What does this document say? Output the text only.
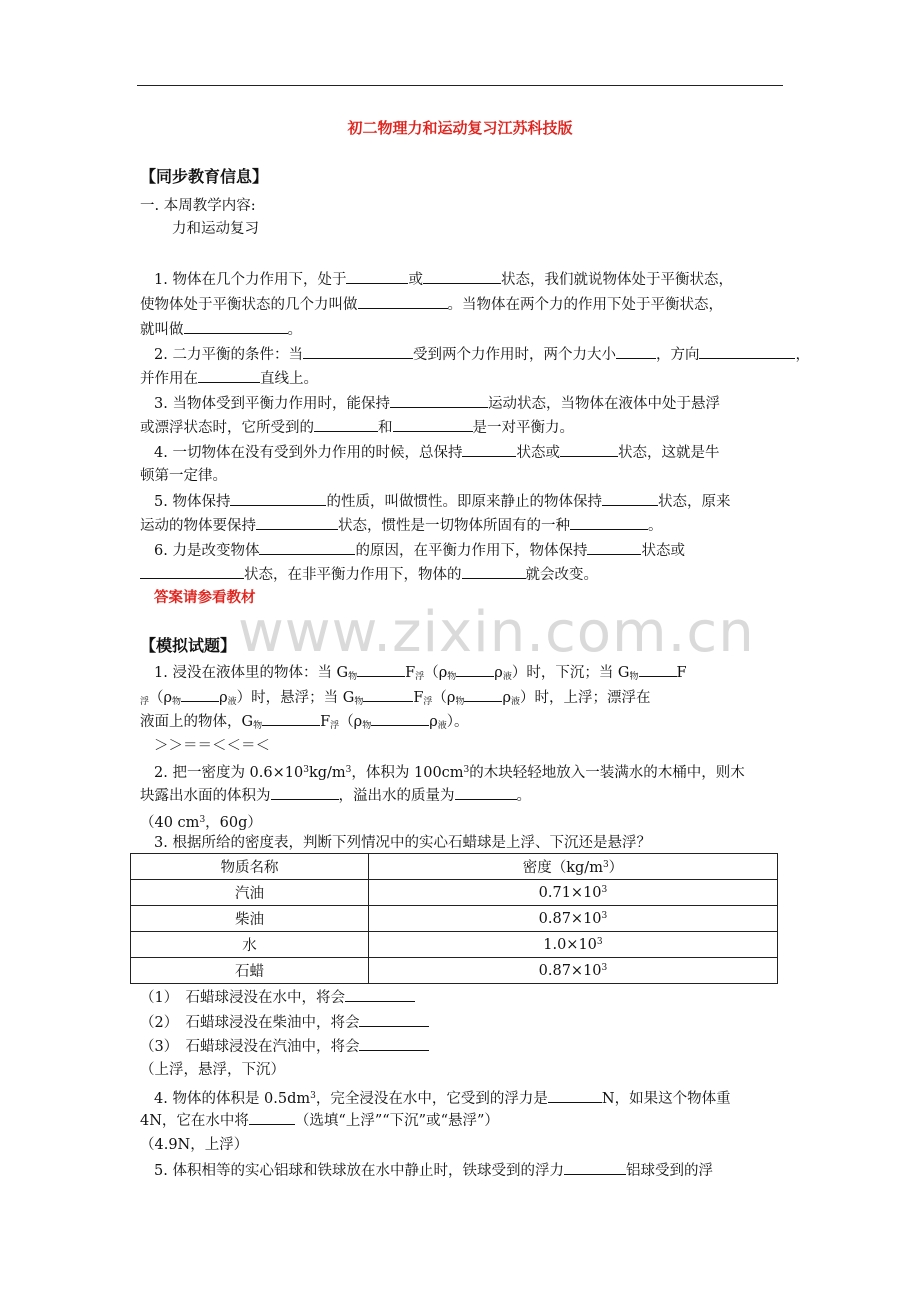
初二物理力和运动复习江苏科技版
www.zixin.com.cn
【同步教育信息】
一. 本周教学内容:
力和运动复习
1. 物体在几个力作用下，处于	或	状态，我们就说物体处于平衡状态，
使物体处于平衡状态的几个力叫做	。当物体在两个力的作用下处于平衡状态，
就叫做	。
2. 二力平衡的条件：当	受到两个力作用时，两个力大小	，方向	，
并作用在	直线上。
3. 当物体受到平衡力作用时，能保持	运动状态，当物体在液体中处于悬浮
或漂浮状态时，它所受到的	和	是一对平衡力。
4. 一切物体在没有受到外力作用的时候，总保持	状态或	状态，这就是牛
顿第一定律。
5. 物体保持	的性质，叫做惯性。即原来静止的物体保持	状态，原来
运动的物体要保持	状态，惯性是一切物体所固有的一种	。
6. 力是改变物体	的原因，在平衡力作用下，物体保持	状态或
状态，在非平衡力作用下，物体的	就会改变。
答案请参看教材
【模拟试题】
1. 浸没在液体里的物体：当 $G_物$	$F_浮(\rho_物$	$\rho_液$）时，下沉；当 $G_物$	F
$_浮(\rho_物$	$\rho_液$）时，悬浮；当 $G_物$	$F_浮(\rho_物$	$\rho_液$）时，上浮；漂浮在
液面上的物体，$G_物$	$F_浮(\rho_物$	$\rho_液$）。
＞＞＝＝＜＜＝＜
2. 把一密度为 $0.6\times 10^3kg/m^3$，体积为 $100cm^3$的木块轻轻地放入一装满水的木桶中，则木
块露出水面的体积为	，溢出水的质量为	。
（40 $cm^3$，60g）
3. 根据所给的密度表，判断下列情况中的实心石蜡球是上浮、下沉还是悬浮？
物质名称	密度$(kg/m^3)$
汽油	$0.71\times 10^3$
柴油	$0.87\times 10^3$
水	$1.0\times 10^3$
石蜡	$0.87\times 10^3$
（1）　石蜡球浸没在水中，将会
（2）　石蜡球浸没在柴油中，将会
（3）　石蜡球浸没在汽油中，将会
（上浮，悬浮，下沉）
4. 物体的体积是 $0.5dm^3$，完全浸没在水中，它受到的浮力是	N，如果这个物体重
4N，它在水中将	（选填“上浮”“下沉”或“悬浮”）
（4.9N，上浮）
5. 体积相等的实心铝球和铁球放在水中静止时，铁球受到的浮力	铝球受到的浮
